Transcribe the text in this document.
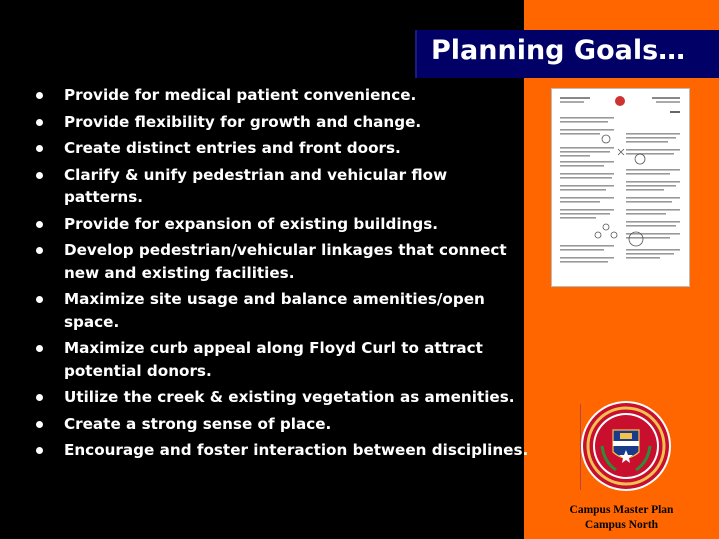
Planning Goals…
Provide for medical patient convenience.
Provide flexibility for growth and change.
Create distinct entries and front doors.
Clarify & unify pedestrian and vehicular flow patterns.
Provide for expansion of existing buildings.
Develop pedestrian/vehicular linkages that connect new and existing facilities.
Maximize site usage and balance amenities/open space.
Maximize curb appeal along Floyd Curl to attract potential donors.
Utilize the creek & existing vegetation as amenities.
Create a strong sense of place.
Encourage and foster interaction between disciplines.
Campus Master Plan
Campus North
